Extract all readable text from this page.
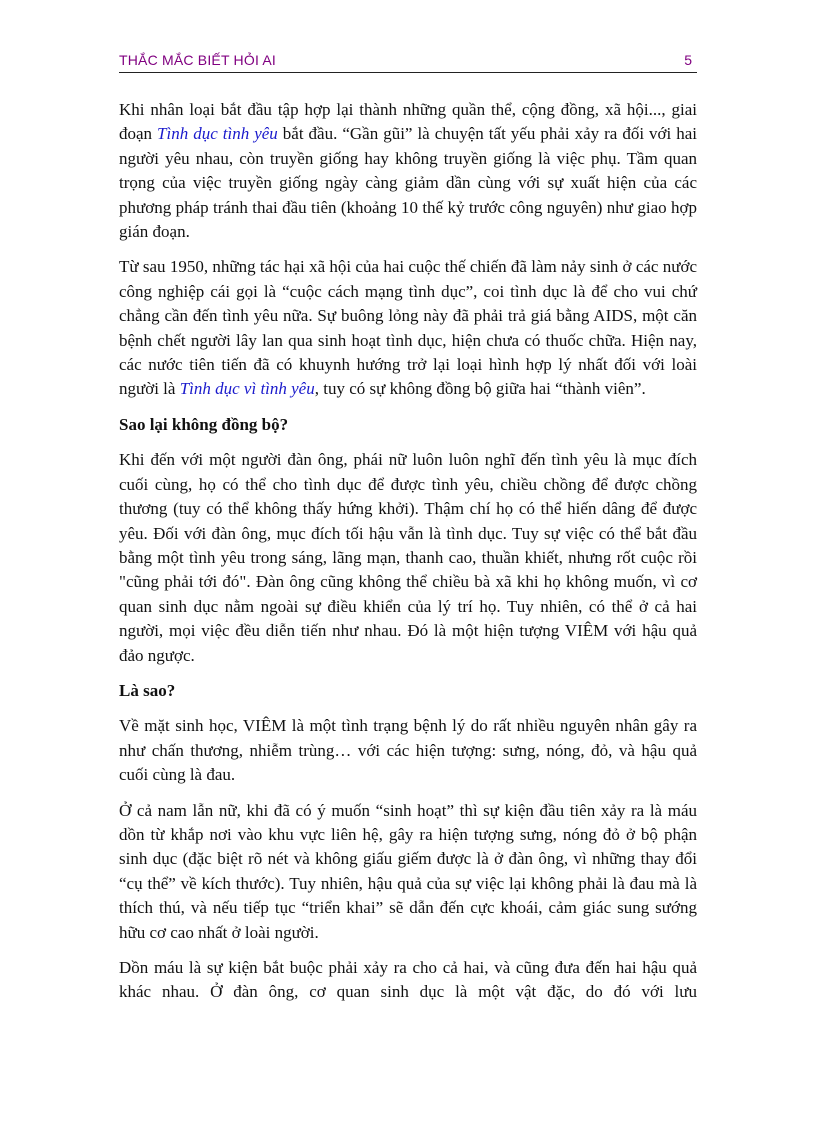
THẮC MẮC BIẾT HỎI AI	5

Khi nhân loại bắt đầu tập hợp lại thành những quần thể, cộng đồng, xã hội..., giai đoạn Tình dục tình yêu bắt đầu. “Gần gũi” là chuyện tất yếu phải xảy ra đối với hai người yêu nhau, còn truyền giống hay không truyền giống là việc phụ. Tầm quan trọng của việc truyền giống ngày càng giảm dần cùng với sự xuất hiện của các phương pháp tránh thai đầu tiên (khoảng 10 thế kỷ trước công nguyên) như giao hợp gián đoạn.

Từ sau 1950, những tác hại xã hội của hai cuộc thế chiến đã làm nảy sinh ở các nước công nghiệp cái gọi là “cuộc cách mạng tình dục”, coi tình dục là để cho vui chứ chẳng cần đến tình yêu nữa. Sự buông lỏng này đã phải trả giá bằng AIDS, một căn bệnh chết người lây lan qua sinh hoạt tình dục, hiện chưa có thuốc chữa. Hiện nay, các nước tiên tiến đã có khuynh hướng trở lại loại hình hợp lý nhất đối với loài người là Tình dục vì tình yêu, tuy có sự không đồng bộ giữa hai “thành viên”.

Sao lại không đồng bộ?

Khi đến với một người đàn ông, phái nữ luôn luôn nghĩ đến tình yêu là mục đích cuối cùng, họ có thể cho tình dục để được tình yêu, chiều chồng để được chồng thương (tuy có thể không thấy hứng khởi). Thậm chí họ có thể hiến dâng để được yêu. Đối với đàn ông, mục đích tối hậu vẫn là tình dục. Tuy sự việc có thể bắt đầu bằng một tình yêu trong sáng, lãng mạn, thanh cao, thuần khiết, nhưng rốt cuộc rồi "cũng phải tới đó". Đàn ông cũng không thể chiều bà xã khi họ không muốn, vì cơ quan sinh dục nằm ngoài sự điều khiển của lý trí họ. Tuy nhiên, có thể ở cả hai người, mọi việc đều diễn tiến như nhau. Đó là một hiện tượng VIÊM với hậu quả đảo ngược.

Là sao?

Về mặt sinh học, VIÊM là một tình trạng bệnh lý do rất nhiều nguyên nhân gây ra như chấn thương, nhiễm trùng… với các hiện tượng: sưng, nóng, đỏ, và hậu quả cuối cùng là đau.

Ở cả nam lẫn nữ, khi đã có ý muốn “sinh hoạt” thì sự kiện đầu tiên xảy ra là máu dồn từ khắp nơi vào khu vực liên hệ, gây ra hiện tượng sưng, nóng đỏ ở bộ phận sinh dục (đặc biệt rõ nét và không giấu giếm được là ở đàn ông, vì những thay đổi “cụ thể” về kích thước). Tuy nhiên, hậu quả của sự việc lại không phải là đau mà là thích thú, và nếu tiếp tục “triển khai” sẽ dẫn đến cực khoái, cảm giác sung sướng hữu cơ cao nhất ở loài người.

Dồn máu là sự kiện bắt buộc phải xảy ra cho cả hai, và cũng đưa đến hai hậu quả khác nhau. Ở đàn ông, cơ quan sinh dục là một vật đặc, do đó với lưu
